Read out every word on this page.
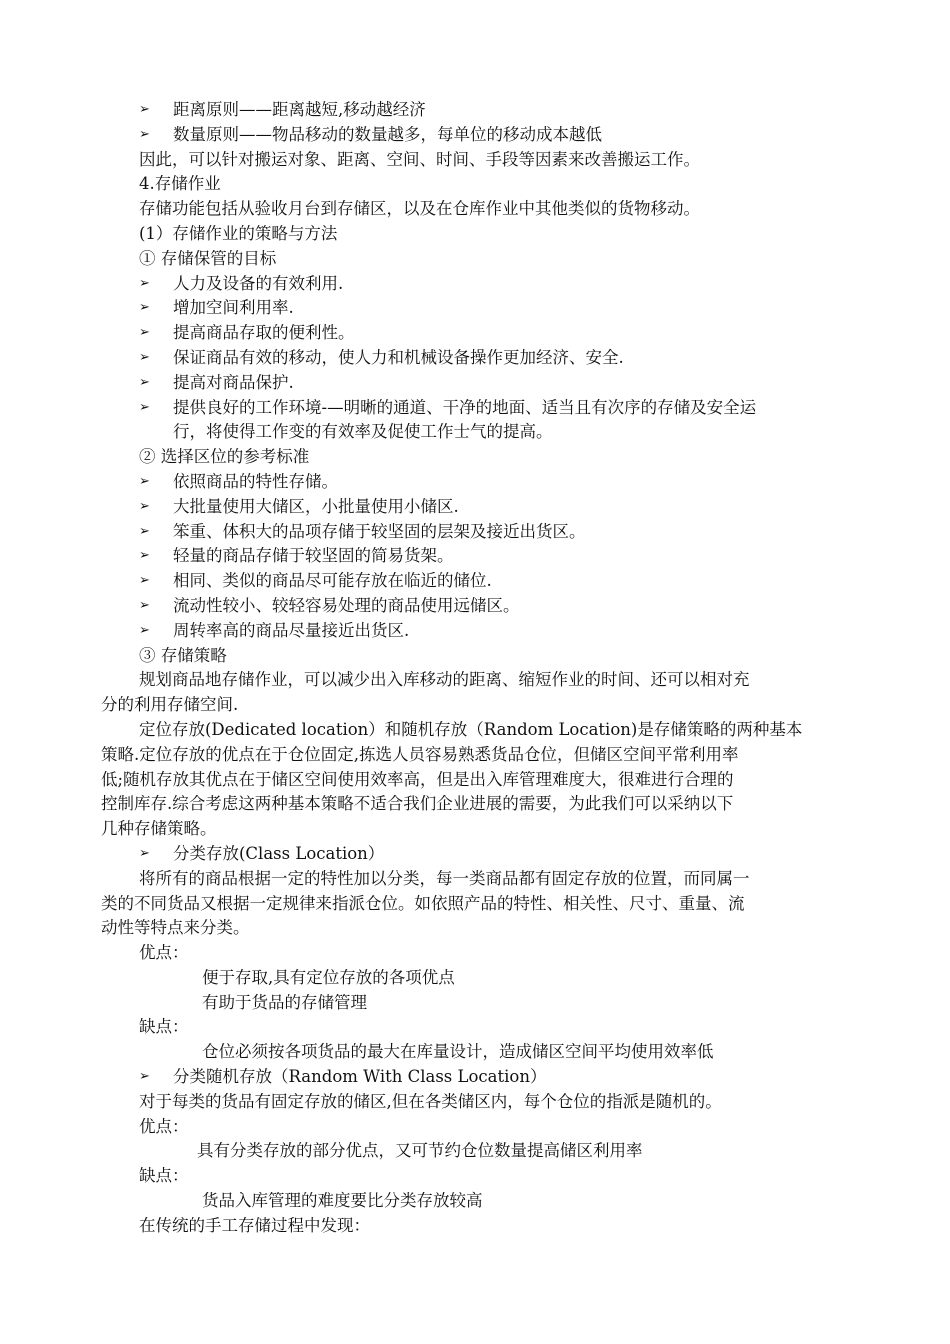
➢ 距离原则——距离越短,移动越经济
➢ 数量原则——物品移动的数量越多，每单位的移动成本越低
因此，可以针对搬运对象、距离、空间、时间、手段等因素来改善搬运工作。
4.存储作业
存储功能包括从验收月台到存储区，以及在仓库作业中其他类似的货物移动。
(1）存储作业的策略与方法
① 存储保管的目标
➢ 人力及设备的有效利用.
➢ 增加空间利用率.
➢ 提高商品存取的便利性。
➢ 保证商品有效的移动，使人力和机械设备操作更加经济、安全.
➢ 提高对商品保护.
➢ 提供良好的工作环境-—明晰的通道、干净的地面、适当且有次序的存储及安全运
行，将使得工作变的有效率及促使工作士气的提高。
② 选择区位的参考标准
➢ 依照商品的特性存储。
➢ 大批量使用大储区，小批量使用小储区.
➢ 笨重、体积大的品项存储于较坚固的层架及接近出货区。
➢ 轻量的商品存储于较坚固的简易货架。
➢ 相同、类似的商品尽可能存放在临近的储位.
➢ 流动性较小、较轻容易处理的商品使用远储区。
➢ 周转率高的商品尽量接近出货区.
③ 存储策略
规划商品地存储作业，可以减少出入库移动的距离、缩短作业的时间、还可以相对充
分的利用存储空间.
定位存放(Dedicated location）和随机存放（Random Location)是存储策略的两种基本
策略.定位存放的优点在于仓位固定,拣选人员容易熟悉货品仓位，但储区空间平常利用率
低;随机存放其优点在于储区空间使用效率高，但是出入库管理难度大，很难进行合理的
控制库存.综合考虑这两种基本策略不适合我们企业进展的需要，为此我们可以采纳以下
几种存储策略。
➢ 分类存放(Class Location）
将所有的商品根据一定的特性加以分类，每一类商品都有固定存放的位置，而同属一
类的不同货品又根据一定规律来指派仓位。如依照产品的特性、相关性、尺寸、重量、流
动性等特点来分类。
优点：
便于存取,具有定位存放的各项优点
有助于货品的存储管理
缺点：
仓位必须按各项货品的最大在库量设计，造成储区空间平均使用效率低
➢ 分类随机存放（Random With Class Location）
对于每类的货品有固定存放的储区,但在各类储区内，每个仓位的指派是随机的。
优点：
具有分类存放的部分优点，又可节约仓位数量提高储区利用率
缺点：
货品入库管理的难度要比分类存放较高
在传统的手工存储过程中发现：
